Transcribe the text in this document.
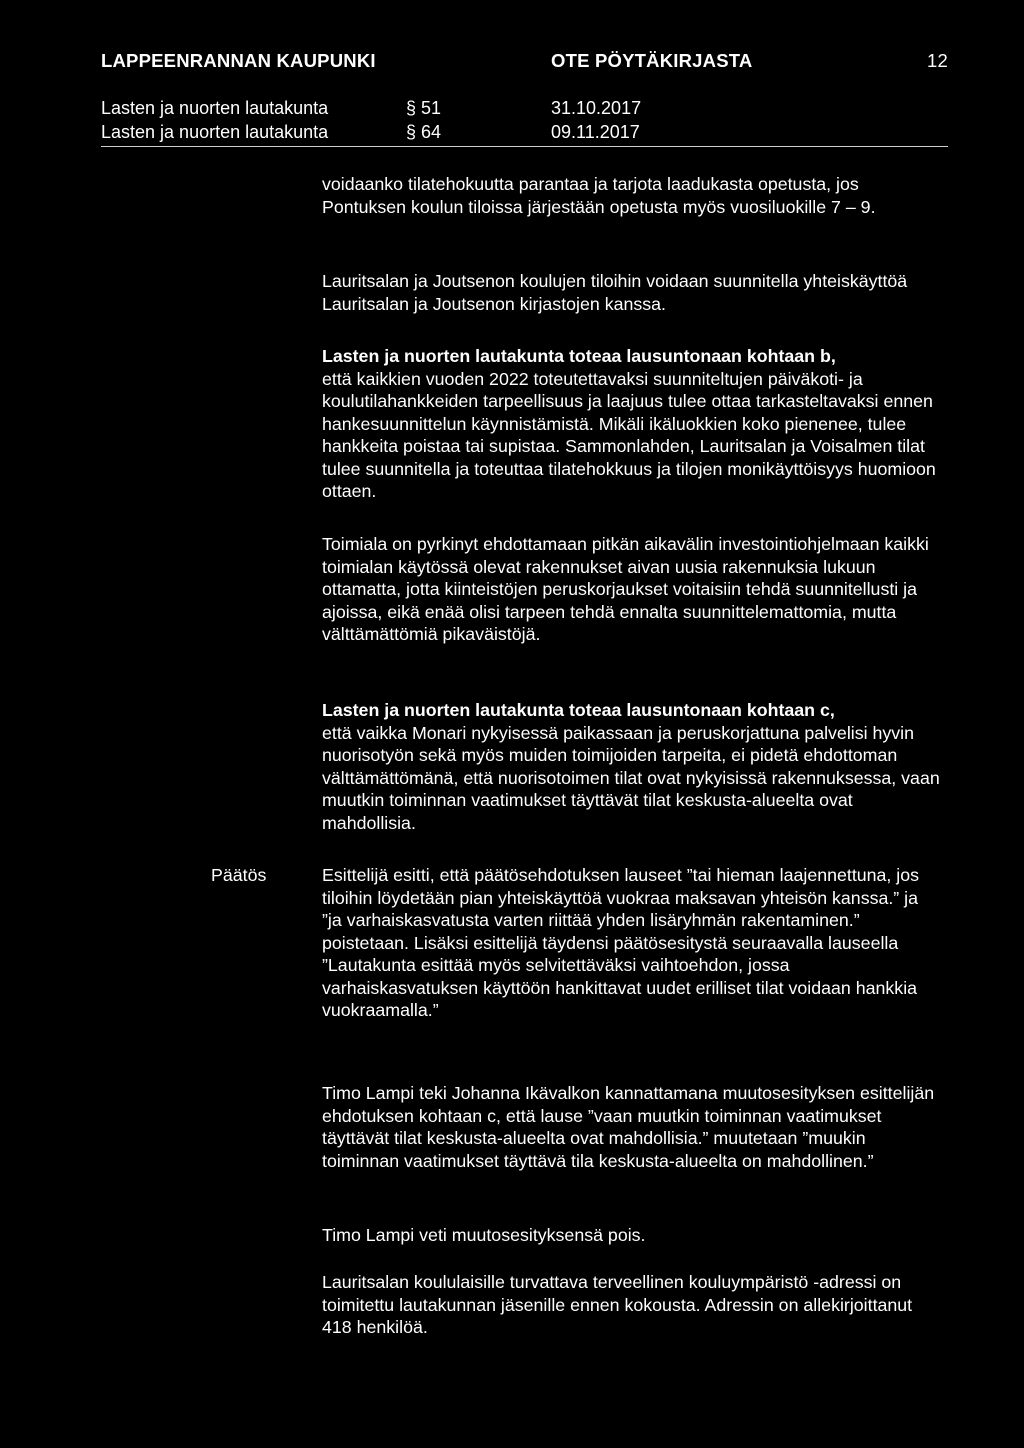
LAPPEENRANNAN KAUPUNKI	OTE PÖYTÄKIRJASTA	12
Lasten ja nuorten lautakunta	§ 51	31.10.2017
Lasten ja nuorten lautakunta	§ 64	09.11.2017

voidaanko tilatehokuutta parantaa ja tarjota laadukasta opetusta, jos Pontuksen koulun tiloissa järjestään opetusta myös vuosiluokille 7 – 9.

Lauritsalan ja Joutsenon koulujen tiloihin voidaan suunnitella yhteiskäyttöä Lauritsalan ja Joutsenon kirjastojen kanssa.

Lasten ja nuorten lautakunta toteaa lausuntonaan kohtaan b,
että kaikkien vuoden 2022 toteutettavaksi suunniteltujen päiväkoti- ja koulutilahankkeiden tarpeellisuus ja laajuus tulee ottaa tarkasteltavaksi ennen hankesuunnittelun käynnistämistä. Mikäli ikäluokkien koko pienenee, tulee hankkeita poistaa tai supistaa. Sammonlahden, Lauritsalan ja Voisalmen tilat tulee suunnitella ja toteuttaa tilatehokkuus ja tilojen monikäyttöisyys huomioon ottaen.

Toimiala on pyrkinyt ehdottamaan pitkän aikavälin investointiohjelmaan kaikki toimialan käytössä olevat rakennukset aivan uusia rakennuksia lukuun ottamatta, jotta kiinteistöjen peruskorjaukset voitaisiin tehdä suunnitellusti ja ajoissa, eikä enää olisi tarpeen tehdä ennalta suunnittelemattomia, mutta välttämättömiä pikaväistöjä.

Lasten ja nuorten lautakunta toteaa lausuntonaan kohtaan c,
että vaikka Monari nykyisessä paikassaan ja peruskorjattuna palvelisi hyvin nuorisotyön sekä myös muiden toimijoiden tarpeita, ei pidetä ehdottoman välttämättömänä, että nuorisotoimen tilat ovat nykyisissä rakennuksessa, vaan muutkin toiminnan vaatimukset täyttävät tilat keskusta-alueelta ovat mahdollisia.

Päätös	Esittelijä esitti, että päätösehdotuksen lauseet ”tai hieman laajennettuna, jos tiloihin löydetään pian yhteiskäyttöä vuokraa maksavan yhteisön kanssa.” ja ”ja varhaiskasvatusta varten riittää yhden lisäryhmän rakentaminen.” poistetaan. Lisäksi esittelijä täydensi päätösesitystä seuraavalla lauseella ”Lautakunta esittää myös selvitettäväksi vaihtoehdon, jossa varhaiskasvatuksen käyttöön hankittavat uudet erilliset tilat voidaan hankkia vuokraamalla.”

Timo Lampi teki Johanna Ikävalkon kannattamana muutosesityksen esittelijän ehdotuksen kohtaan c, että lause ”vaan muutkin toiminnan vaatimukset täyttävät tilat keskusta-alueelta ovat mahdollisia.” muutetaan ”muukin toiminnan vaatimukset täyttävä tila keskusta-alueelta on mahdollinen.”

Timo Lampi veti muutosesityksensä pois.

Lauritsalan koululaisille turvattava terveellinen kouluympäristö -adressi on toimitettu lautakunnan jäsenille ennen kokousta. Adressin on allekirjoittanut 418 henkilöä.
